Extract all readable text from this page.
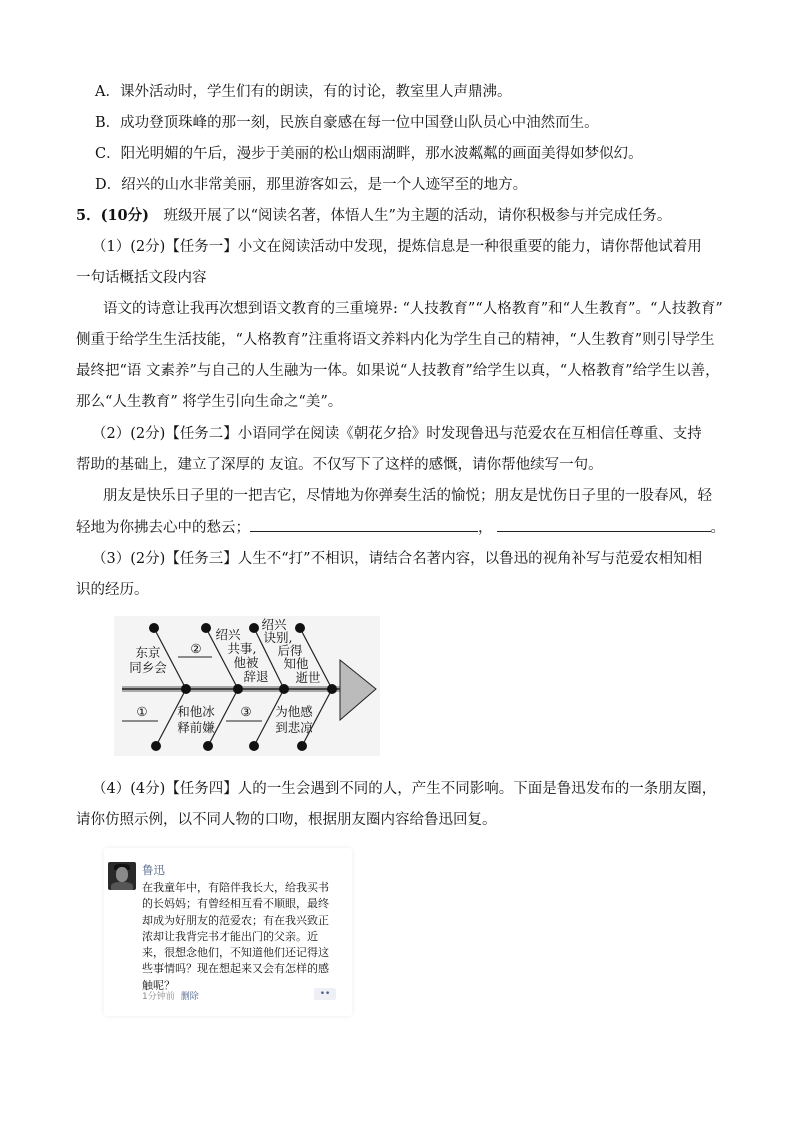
A．课外活动时，学生们有的朗读，有的讨论，教室里人声鼎沸。
B．成功登顶珠峰的那一刻，民族自豪感在每一位中国登山队员心中油然而生。
C．阳光明媚的午后，漫步于美丽的松山烟雨湖畔，那水波粼粼的画面美得如梦似幻。
D．绍兴的山水非常美丽，那里游客如云，是一个人迹罕至的地方。
5．(10分) 班级开展了以“阅读名著，体悟人生”为主题的活动，请你积极参与并完成任务。
（1）(2分)【任务一】小文在阅读活动中发现，提炼信息是一种很重要的能力，请你帮他试着用
一句话概括文段内容
语文的诗意让我再次想到语文教育的三重境界: “人技教育”“人格教育”和“人生教育”。“人技教育”
侧重于给学生生活技能，“人格教育”注重将语文养料内化为学生自己的精神，“人生教育”则引导学生
最终把“语 文素养”与自己的人生融为一体。如果说“人技教育”给学生以真，“人格教育”给学生以善，
那么“人生教育” 将学生引向生命之“美”。
（2）(2分)【任务二】小语同学在阅读《朝花夕拾》时发现鲁迅与范爱农在互相信任尊重、支持
帮助的基础上，建立了深厚的 友谊。不仅写下了这样的感慨，请你帮他续写一句。
朋友是快乐日子里的一把吉它，尽情地为你弹奏生活的愉悦；朋友是忧伤日子里的一股春风，轻
轻地为你拂去心中的愁云；	，	。
（3）(2分)【任务三】人生不“打”不相识，请结合名著内容，以鲁迅的视角补写与范爱农相知相
识的经历。
东京同乡会
②
绍兴共事,他被辞退
绍兴诀别,后得知他逝世
① 和他冰释前嫌
③ 为他感到悲凉
（4）(4分)【任务四】人的一生会遇到不同的人，产生不同影响。下面是鲁迅发布的一条朋友圈，
请你仿照示例，以不同人物的口吻，根据朋友圈内容给鲁迅回复。
鲁迅
在我童年中，有陪伴我长大，给我买书
的长妈妈；有曾经相互看不顺眼，最终
却成为好朋友的范爱农；有在我兴致正
浓却让我背完书才能出门的父亲。近
来，很想念他们，不知道他们还记得这
些事情吗？现在想起来又会有怎样的感
触呢？
1分钟前 删除	••
